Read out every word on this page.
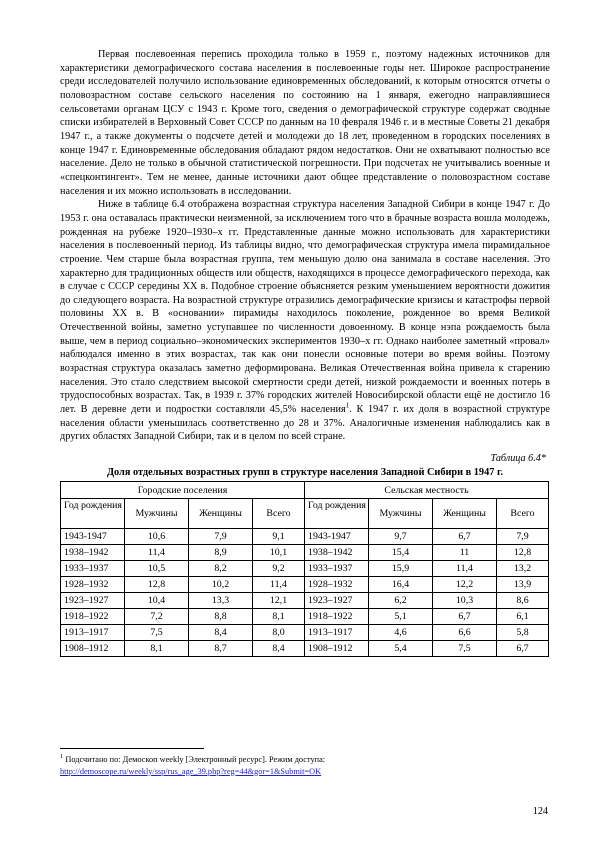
Первая послевоенная перепись проходила только в 1959 г., поэтому надежных источников для характеристики демографического состава населения в послевоенные годы нет. Широкое распространение среди исследователей получило использование единовременных обследований, к которым относятся отчеты о половозрастном составе сельского населения по состоянию на 1 января, ежегодно направлявшиеся сельсоветами органам ЦСУ с 1943 г. Кроме того, сведения о демографической структуре содержат сводные списки избирателей в Верховный Совет СССР по данным на 10 февраля 1946 г. и в местные Советы 21 декабря 1947 г., а также документы о подсчете детей и молодежи до 18 лет, проведенном в городских поселениях в конце 1947 г. Единовременные обследования обладают рядом недостатков. Они не охватывают полностью все население. Дело не только в обычной статистической погрешности. При подсчетах не учитывались военные и «спецконтингент». Тем не менее, данные источники дают общее представление о половозрастном составе населения и их можно использовать в исследовании.

Ниже в таблице 6.4 отображена возрастная структура населения Западной Сибири в конце 1947 г. До 1953 г. она оставалась практически неизменной, за исключением того что в брачные возраста вошла молодежь, рожденная на рубеже 1920–1930–х гг. Представленные данные можно использовать для характеристики населения в послевоенный период. Из таблицы видно, что демографическая структура имела пирамидальное строение. Чем старше была возрастная группа, тем меньшую долю она занимала в составе населения. Это характерно для традиционных обществ или обществ, находящихся в процессе демографического перехода, как в случае с СССР середины XX в. Подобное строение объясняется резким уменьшением вероятности дожития до следующего возраста. На возрастной структуре отразились демографические кризисы и катастрофы первой половины XX в. В «основании» пирамиды находилось поколение, рожденное во время Великой Отечественной войны, заметно уступавшее по численности довоенному. В конце нэпа рождаемость была выше, чем в период социально–экономических экспериментов 1930–х гг. Однако наиболее заметный «провал» наблюдался именно в этих возрастах, так как они понесли основные потери во время войны. Поэтому возрастная структура оказалась заметно деформирована. Великая Отечественная война привела к старению населения. Это стало следствием высокой смертности среди детей, низкой рождаемости и военных потерь в трудоспособных возрастах. Так, в 1939 г. 37% городских жителей Новосибирской области ещё не достигло 16 лет. В деревне дети и подростки составляли 45,5% населения$^1$. К 1947 г. их доля в возрастной структуре населения области уменьшилась соответственно до 28 и 37%. Аналогичные изменения наблюдались как в других областях Западной Сибири, так и в целом по всей стране.

Таблица 6.4*

Доля отдельных возрастных групп в структуре населения Западной Сибири в 1947 г.

Городские поселения				Сельская местность			
Год рождения	Мужчины	Женщины	Всего	Год рождения	Мужчины	Женщины	Всего
1943-1947	10,6	7,9	9,1	1943-1947	9,7	6,7	7,9
1938–1942	11,4	8,9	10,1	1938–1942	15,4	11	12,8
1933–1937	10,5	8,2	9,2	1933–1937	15,9	11,4	13,2
1928–1932	12,8	10,2	11,4	1928–1932	16,4	12,2	13,9
1923–1927	10,4	13,3	12,1	1923–1927	6,2	10,3	8,6
1918–1922	7,2	8,8	8,1	1918–1922	5,1	6,7	6,1
1913–1917	7,5	8,4	8,0	1913–1917	4,6	6,6	5,8
1908–1912	8,1	8,7	8,4	1908–1912	5,4	7,5	6,7

$^1$ Подсчитано по: Демоскоп weekly [Электронный ресурс]. Режим доступа:
http://demoscope.ru/weekly/ssp/rus_age_39.php?reg=44&gor=1&Submit=OK

124
